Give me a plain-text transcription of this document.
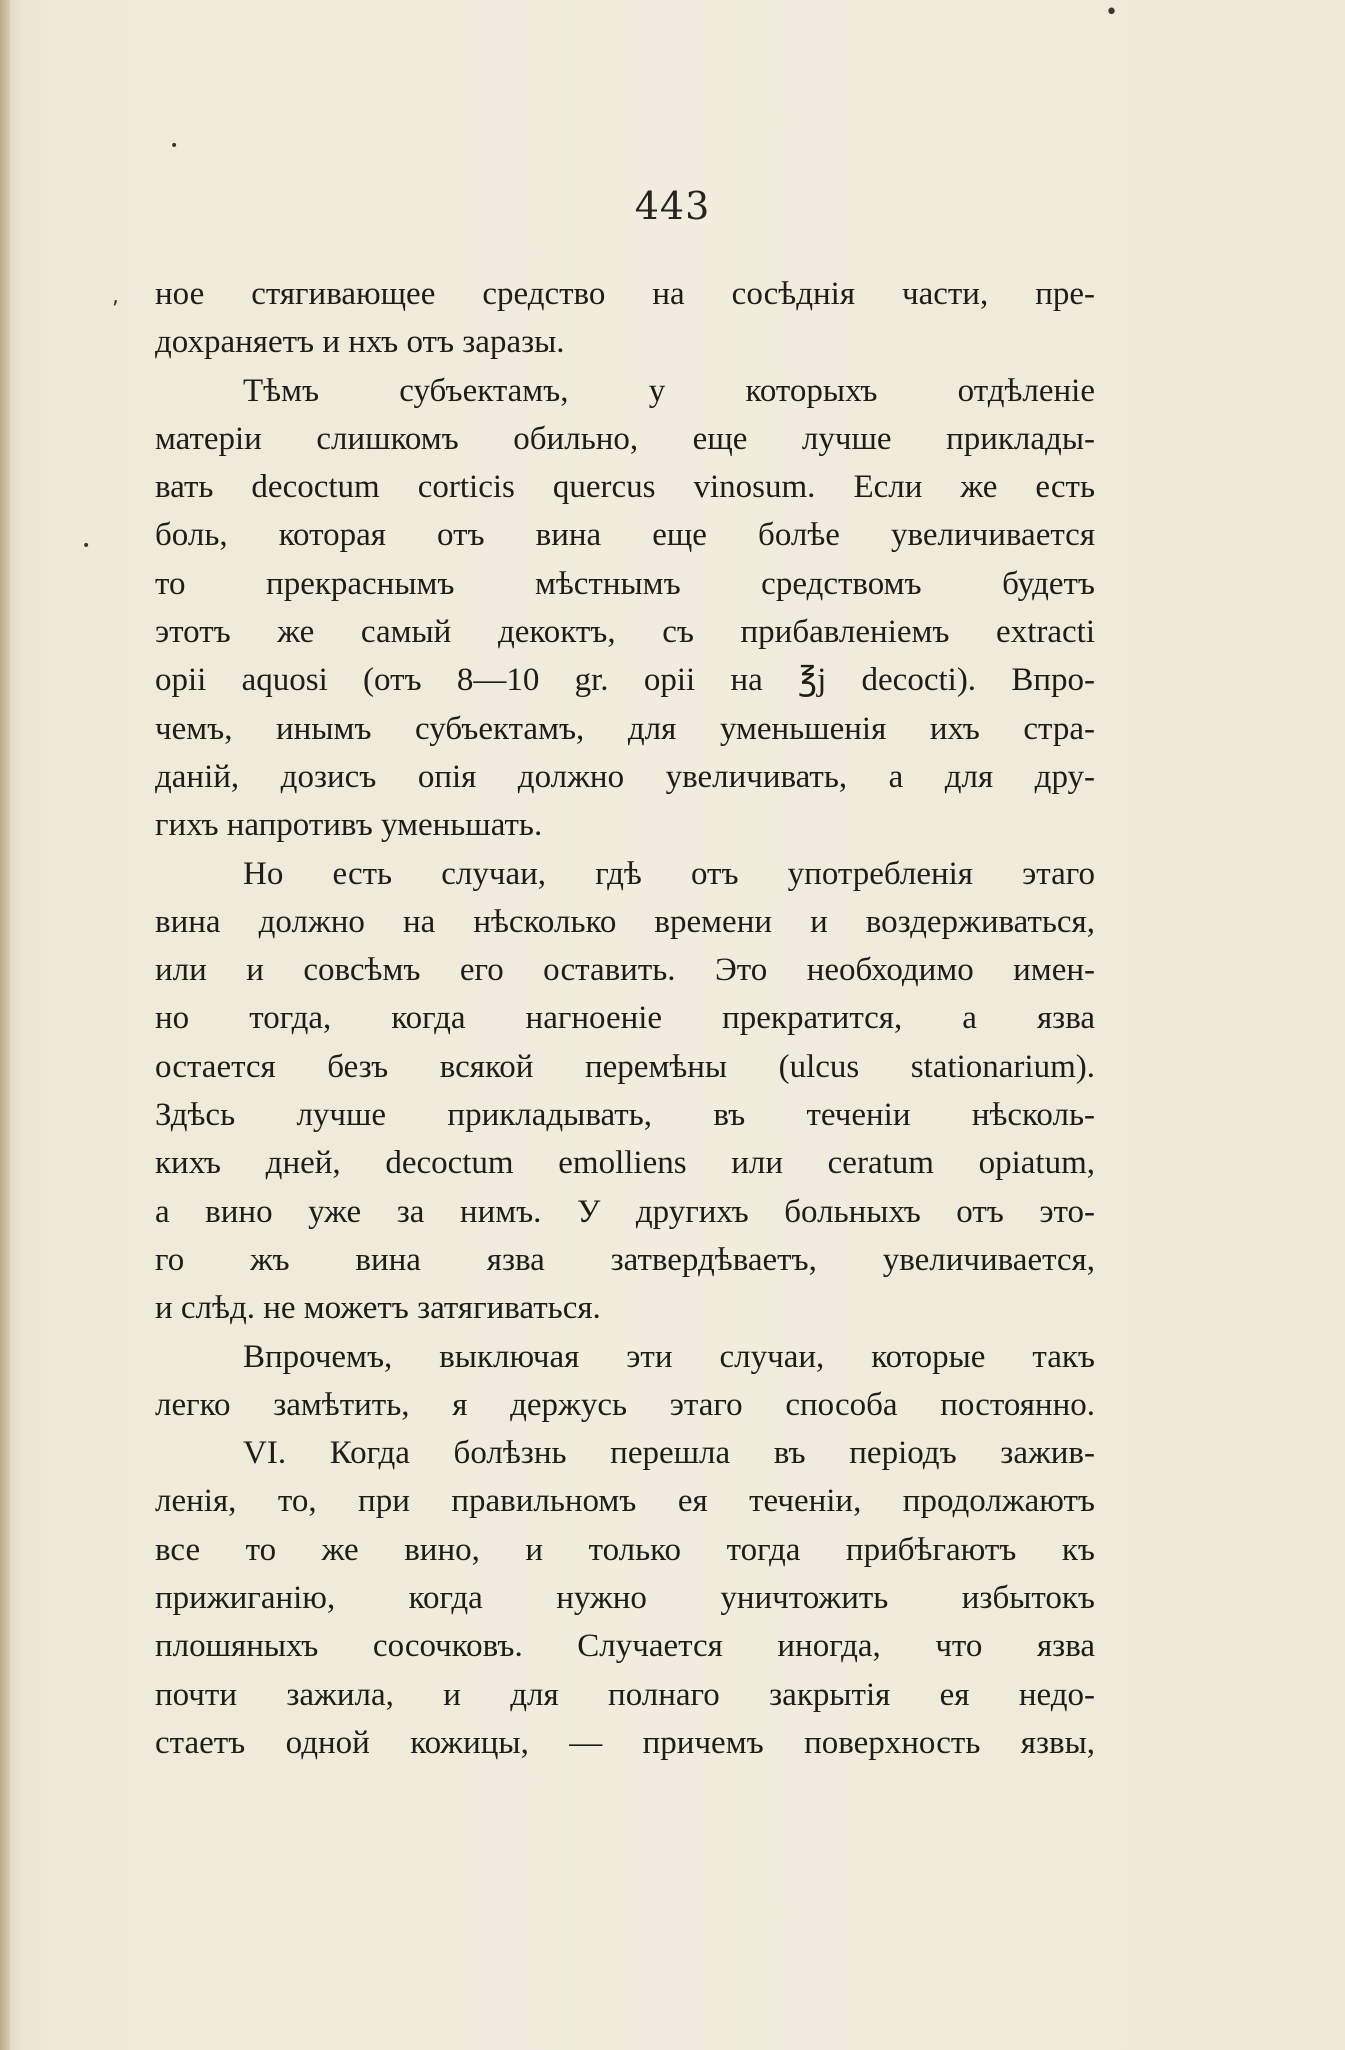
,
•
•
•
443
ное стягивающее средство на сосѣднія части, пре-
дохраняетъ и нхъ отъ заразы.
Тѣмъ субъектамъ, у которыхъ отдѣленіе
матеріи слишкомъ обильно, еще лучше приклады-
вать decoctum corticis quercus vinosum. Если же есть
боль, которая отъ вина еще болѣе увеличивается
то прекраснымъ мѣстнымъ средствомъ будетъ
этотъ же самый декоктъ, съ прибавленіемъ extracti
opii aquosi (отъ 8—10 gr. opii на ℥j decocti). Впро-
чемъ, инымъ субъектамъ, для уменьшенія ихъ стра-
даній, дозисъ опія должно увеличивать, а для дру-
гихъ напротивъ уменьшать.
Но есть случаи, гдѣ отъ употребленія этаго
вина должно на нѣсколько времени и воздерживаться,
или и совсѣмъ его оставить. Это необходимо имен-
но тогда, когда нагноеніе прекратится, а язва
остается безъ всякой перемѣны (ulcus stationarium).
Здѣсь лучше прикладывать, въ теченіи нѣсколь-
кихъ дней, decoctum emolliens или ceratum opiatum,
а вино уже за нимъ. У другихъ больныхъ отъ это-
го жъ вина язва затвердѣваетъ, увеличивается,
и слѣд. не можетъ затягиваться.
Впрочемъ, выключая эти случаи, которые такъ
легко замѣтить, я держусь этаго способа постоянно.
VI. Когда болѣзнь перешла въ періодъ зажив-
ленія, то, при правильномъ ея теченіи, продолжаютъ
все то же вино, и только тогда прибѣгаютъ къ
прижиганію, когда нужно уничтожить избытокъ
плошяныхъ сосочковъ. Случается иногда, что язва
почти зажила, и для полнаго закрытія ея недо-
стаетъ одной кожицы, — причемъ поверхность язвы,
